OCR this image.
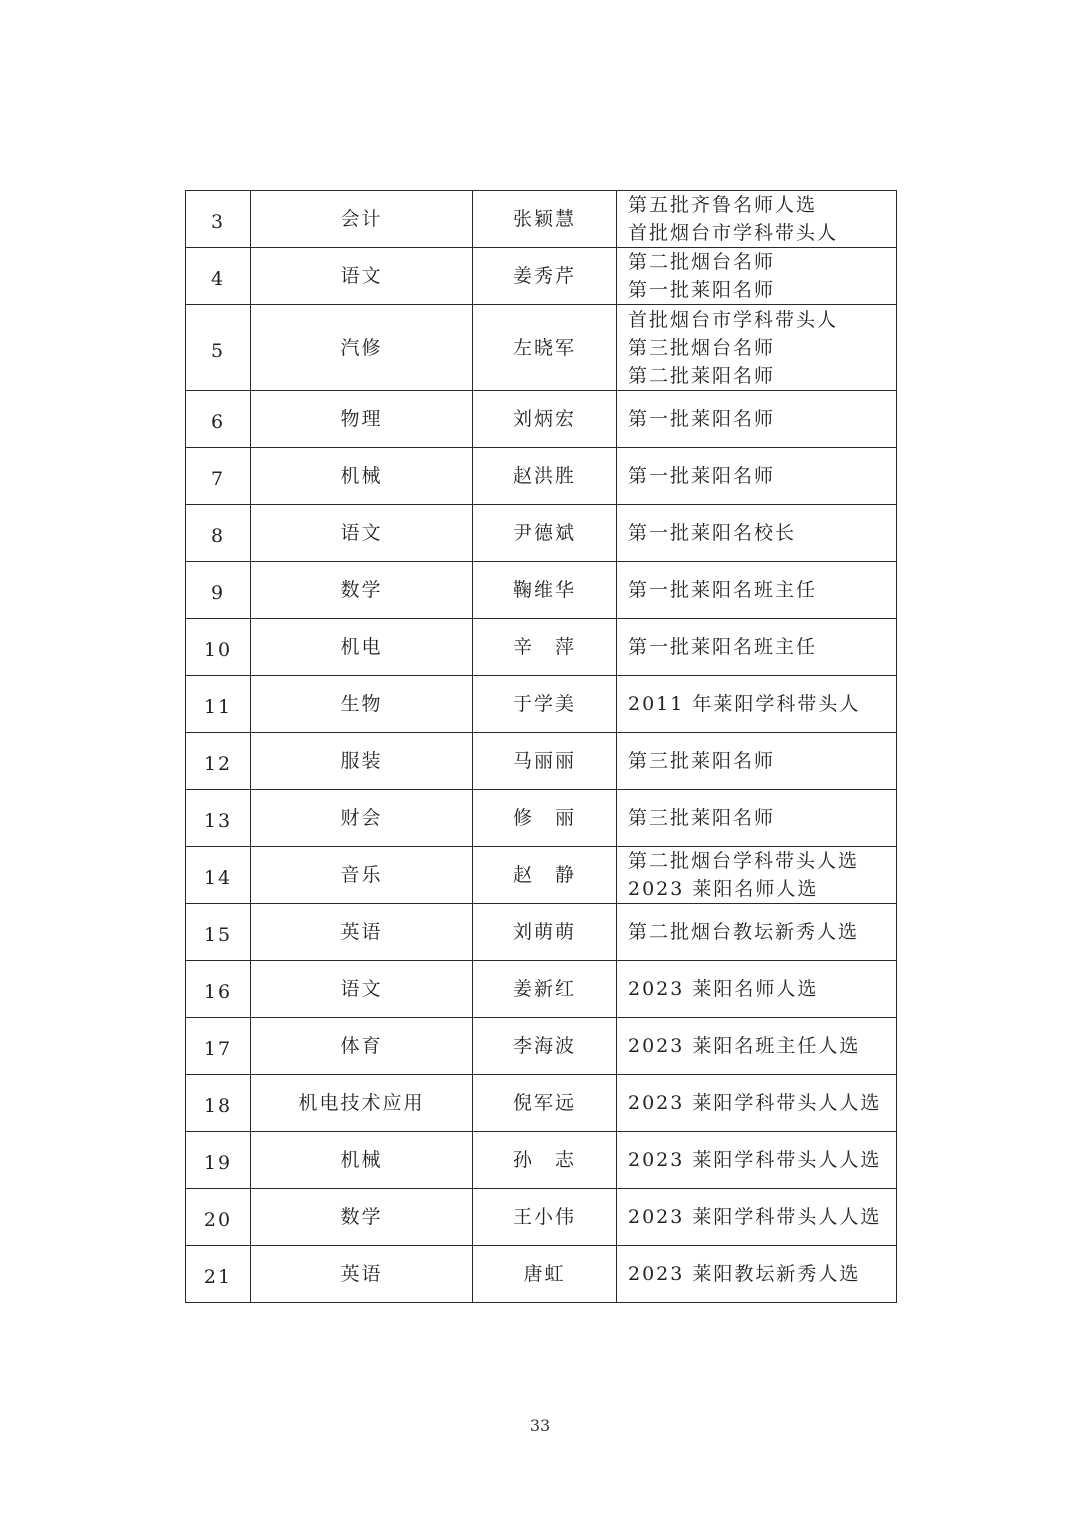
3	会计	张颖慧	第五批齐鲁名师人选
首批烟台市学科带头人

4	语文	姜秀芹	第二批烟台名师
第一批莱阳名师

5	汽修	左晓军	首批烟台市学科带头人
第三批烟台名师
第二批莱阳名师

6	物理	刘炳宏	第一批莱阳名师

7	机械	赵洪胜	第一批莱阳名师

8	语文	尹德斌	第一批莱阳名校长

9	数学	鞠维华	第一批莱阳名班主任

10	机电	辛　萍	第一批莱阳名班主任

11	生物	于学美	2011 年莱阳学科带头人

12	服装	马丽丽	第三批莱阳名师

13	财会	修　丽	第三批莱阳名师

14	音乐	赵　静	第二批烟台学科带头人选
2023 莱阳名师人选

15	英语	刘萌萌	第二批烟台教坛新秀人选

16	语文	姜新红	2023 莱阳名师人选

17	体育	李海波	2023 莱阳名班主任人选

18	机电技术应用	倪军远	2023 莱阳学科带头人人选

19	机械	孙　志	2023 莱阳学科带头人人选

20	数学	王小伟	2023 莱阳学科带头人人选

21	英语	唐虹	2023 莱阳教坛新秀人选
33
